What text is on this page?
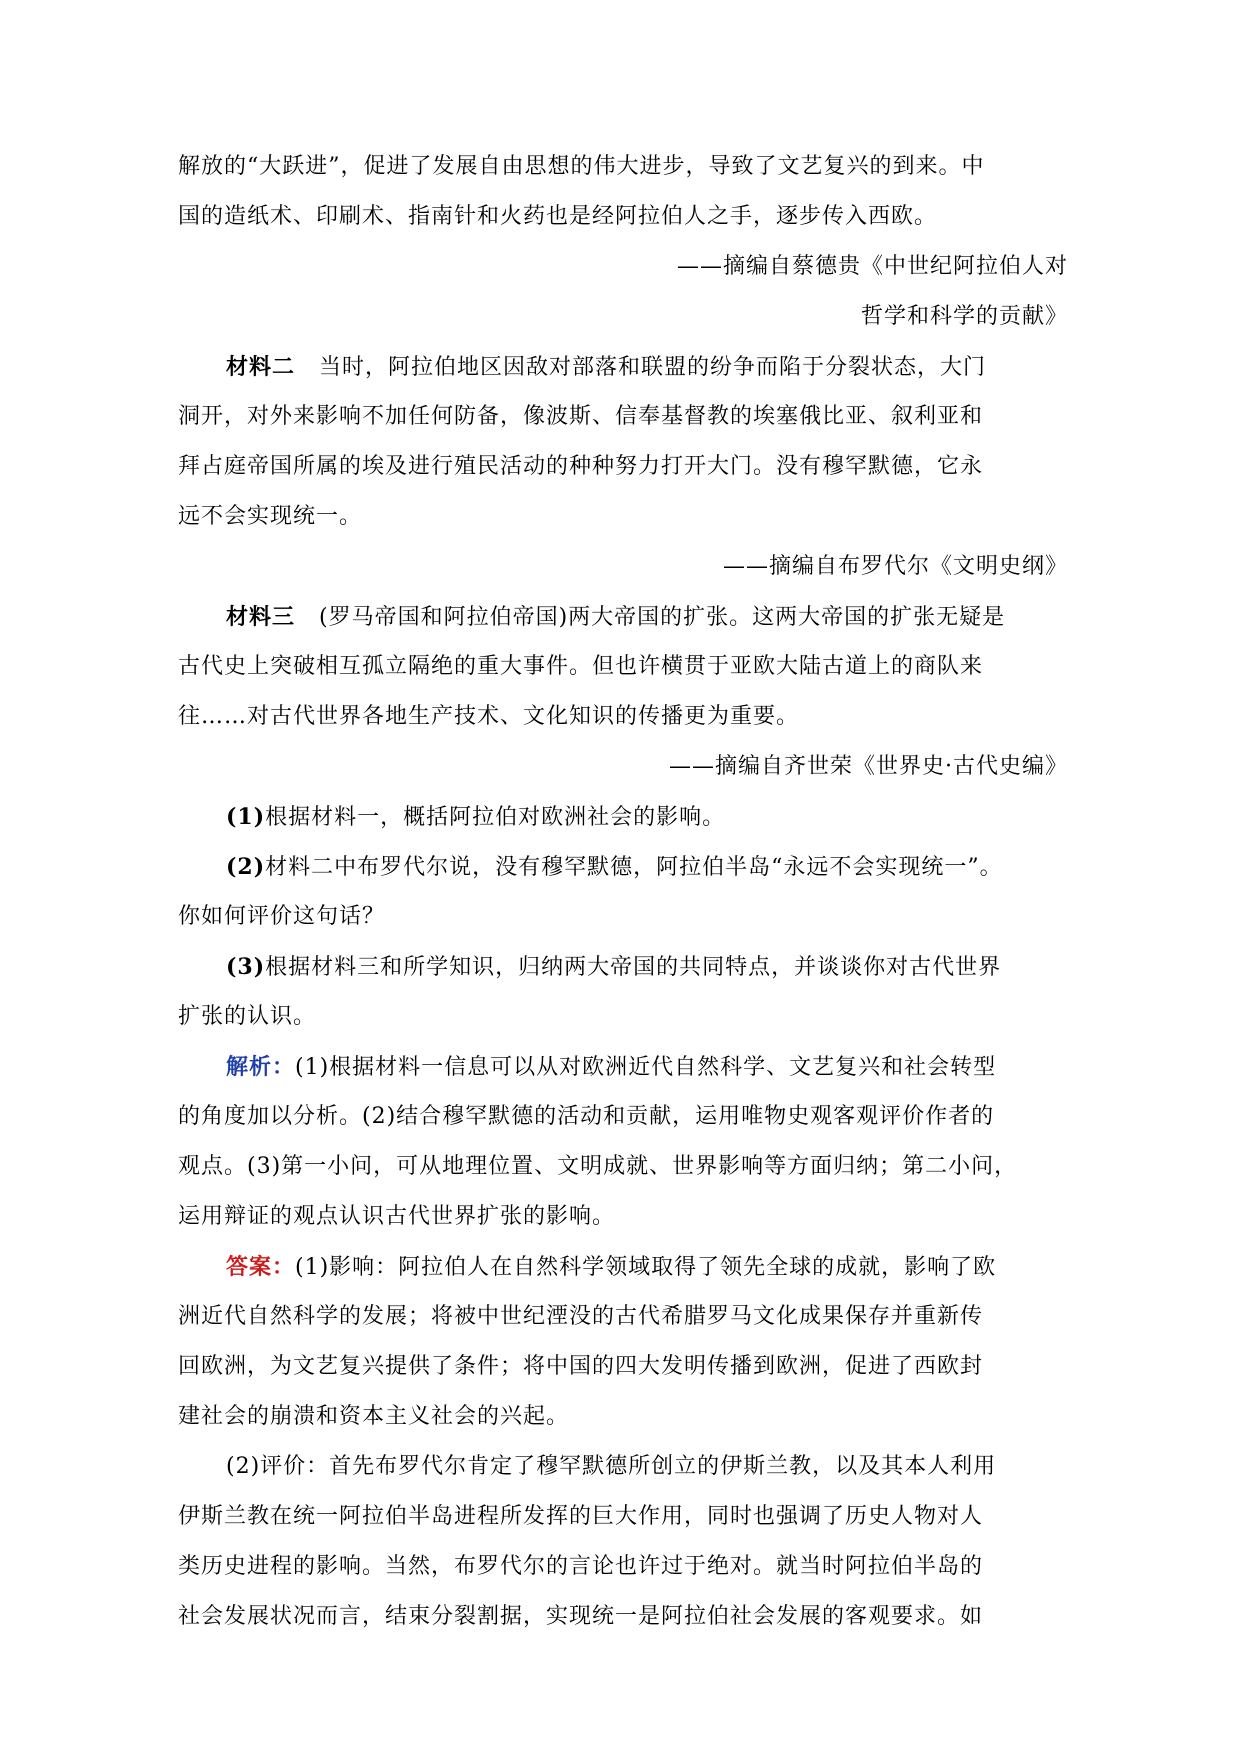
解放的“大跃进”，促进了发展自由思想的伟大进步，导致了文艺复兴的到来。中
国的造纸术、印刷术、指南针和火药也是经阿拉伯人之手，逐步传入西欧。
——摘编自蔡德贵《中世纪阿拉伯人对
哲学和科学的贡献》
材料二 当时，阿拉伯地区因敌对部落和联盟的纷争而陷于分裂状态，大门
洞开，对外来影响不加任何防备，像波斯、信奉基督教的埃塞俄比亚、叙利亚和
拜占庭帝国所属的埃及进行殖民活动的种种努力打开大门。没有穆罕默德，它永
远不会实现统一。
——摘编自布罗代尔《文明史纲》
材料三 (罗马帝国和阿拉伯帝国)两大帝国的扩张。这两大帝国的扩张无疑是
古代史上突破相互孤立隔绝的重大事件。但也许横贯于亚欧大陆古道上的商队来
往……对古代世界各地生产技术、文化知识的传播更为重要。
——摘编自齐世荣《世界史·古代史编》
(1)根据材料一，概括阿拉伯对欧洲社会的影响。
(2)材料二中布罗代尔说，没有穆罕默德，阿拉伯半岛“永远不会实现统一”。
你如何评价这句话？
(3)根据材料三和所学知识，归纳两大帝国的共同特点，并谈谈你对古代世界
扩张的认识。
解析：(1)根据材料一信息可以从对欧洲近代自然科学、文艺复兴和社会转型
的角度加以分析。(2)结合穆罕默德的活动和贡献，运用唯物史观客观评价作者的
观点。(3)第一小问，可从地理位置、文明成就、世界影响等方面归纳；第二小问，
运用辩证的观点认识古代世界扩张的影响。
答案：(1)影响：阿拉伯人在自然科学领域取得了领先全球的成就，影响了欧
洲近代自然科学的发展；将被中世纪湮没的古代希腊罗马文化成果保存并重新传
回欧洲，为文艺复兴提供了条件；将中国的四大发明传播到欧洲，促进了西欧封
建社会的崩溃和资本主义社会的兴起。
(2)评价：首先布罗代尔肯定了穆罕默德所创立的伊斯兰教，以及其本人利用
伊斯兰教在统一阿拉伯半岛进程所发挥的巨大作用，同时也强调了历史人物对人
类历史进程的影响。当然，布罗代尔的言论也许过于绝对。就当时阿拉伯半岛的
社会发展状况而言，结束分裂割据，实现统一是阿拉伯社会发展的客观要求。如
